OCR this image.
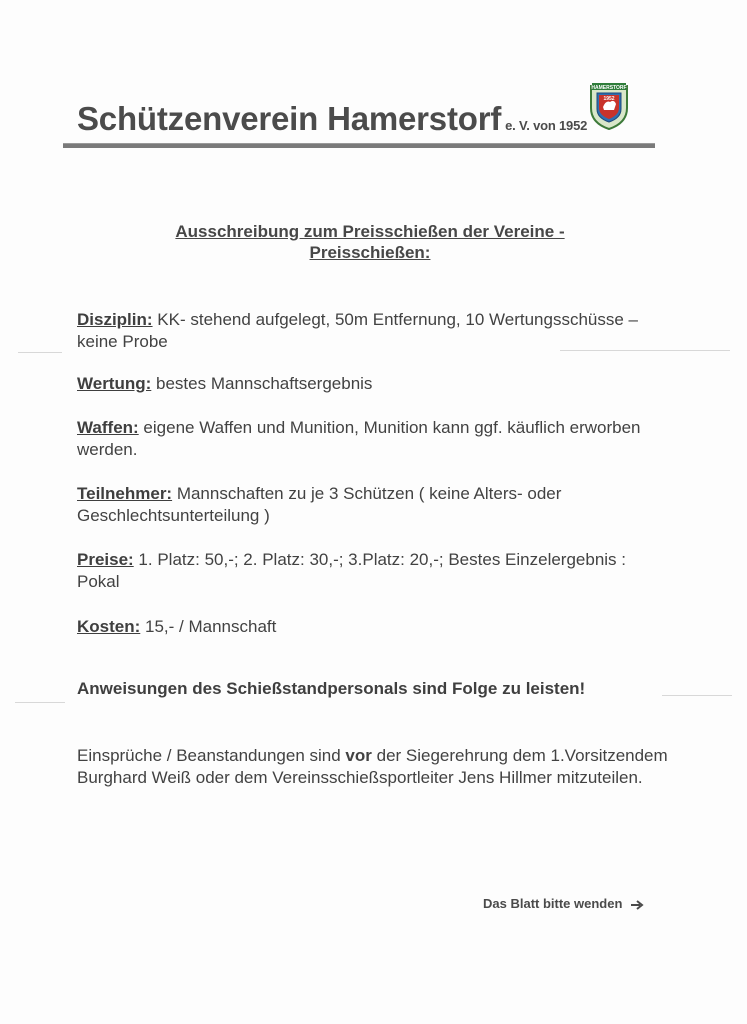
Schützenverein Hamerstorf e. V. von 1952
HAMERSTORF
1952
Ausschreibung zum Preisschießen der Vereine -
Preisschießen:
Disziplin: KK- stehend aufgelegt, 50m Entfernung, 10 Wertungsschüsse – keine Probe
Wertung: bestes Mannschaftsergebnis
Waffen: eigene Waffen und Munition, Munition kann ggf. käuflich erworben werden.
Teilnehmer: Mannschaften zu je 3 Schützen ( keine Alters- oder Geschlechtsunterteilung )
Preise: 1. Platz: 50,-; 2. Platz: 30,-; 3.Platz: 20,-; Bestes Einzelergebnis : Pokal
Kosten: 15,- / Mannschaft
Anweisungen des Schießstandpersonals sind Folge zu leisten!
Einsprüche / Beanstandungen sind vor der Siegerehrung dem 1.Vorsitzendem Burghard Weiß oder dem Vereinsschießsportleiter Jens Hillmer mitzuteilen.
Das Blatt bitte wenden
